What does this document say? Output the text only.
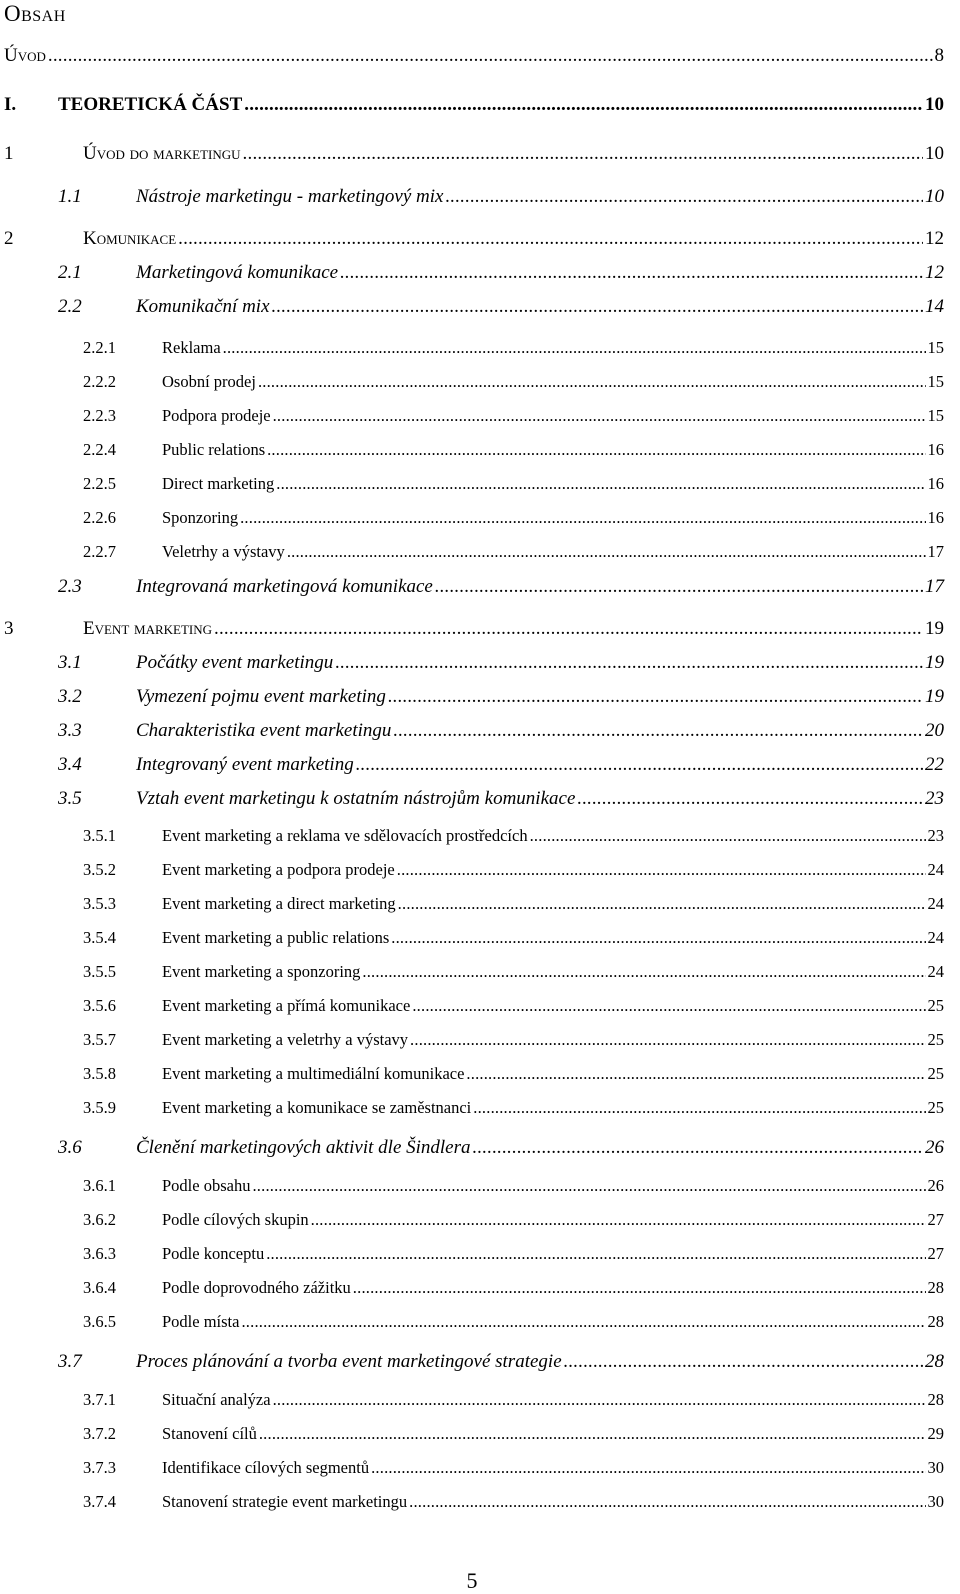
Obsah
Úvod .....	8
I. TEORETICKÁ ČÁST .....	10
1	Úvod do marketingu .....	10
1.1	Nástroje marketingu - marketingový mix .....	10
2	Komunikace .....	12
2.1	Marketingová komunikace .....	12
2.2	Komunikační mix .....	14
2.2.1	Reklama .....	15
2.2.2	Osobní prodej .....	15
2.2.3	Podpora prodeje .....	15
2.2.4	Public relations .....	16
2.2.5	Direct marketing .....	16
2.2.6	Sponzoring .....	16
2.2.7	Veletrhy a výstavy .....	17
2.3	Integrovaná marketingová komunikace .....	17
3	Event marketing .....	19
3.1	Počátky event marketingu .....	19
3.2	Vymezení pojmu event marketing .....	19
3.3	Charakteristika event marketingu .....	20
3.4	Integrovaný event marketing .....	22
3.5	Vztah event marketingu k ostatním nástrojům komunikace .....	23
3.5.1	Event marketing a reklama ve sdělovacích prostředcích .....	23
3.5.2	Event marketing a podpora prodeje .....	24
3.5.3	Event marketing a direct marketing .....	24
3.5.4	Event marketing a public relations .....	24
3.5.5	Event marketing a sponzoring .....	24
3.5.6	Event marketing a přímá komunikace .....	25
3.5.7	Event marketing a veletrhy a výstavy .....	25
3.5.8	Event marketing a multimediální komunikace .....	25
3.5.9	Event marketing a komunikace se zaměstnanci .....	25
3.6	Členění marketingových aktivit dle Šindlera .....	26
3.6.1	Podle obsahu .....	26
3.6.2	Podle cílových skupin .....	27
3.6.3	Podle konceptu .....	27
3.6.4	Podle doprovodného zážitku .....	28
3.6.5	Podle místa .....	28
3.7	Proces plánování a tvorba event marketingové strategie .....	28
3.7.1	Situační analýza .....	28
3.7.2	Stanovení cílů .....	29
3.7.3	Identifikace cílových segmentů .....	30
3.7.4	Stanovení strategie event marketingu .....	30
5
